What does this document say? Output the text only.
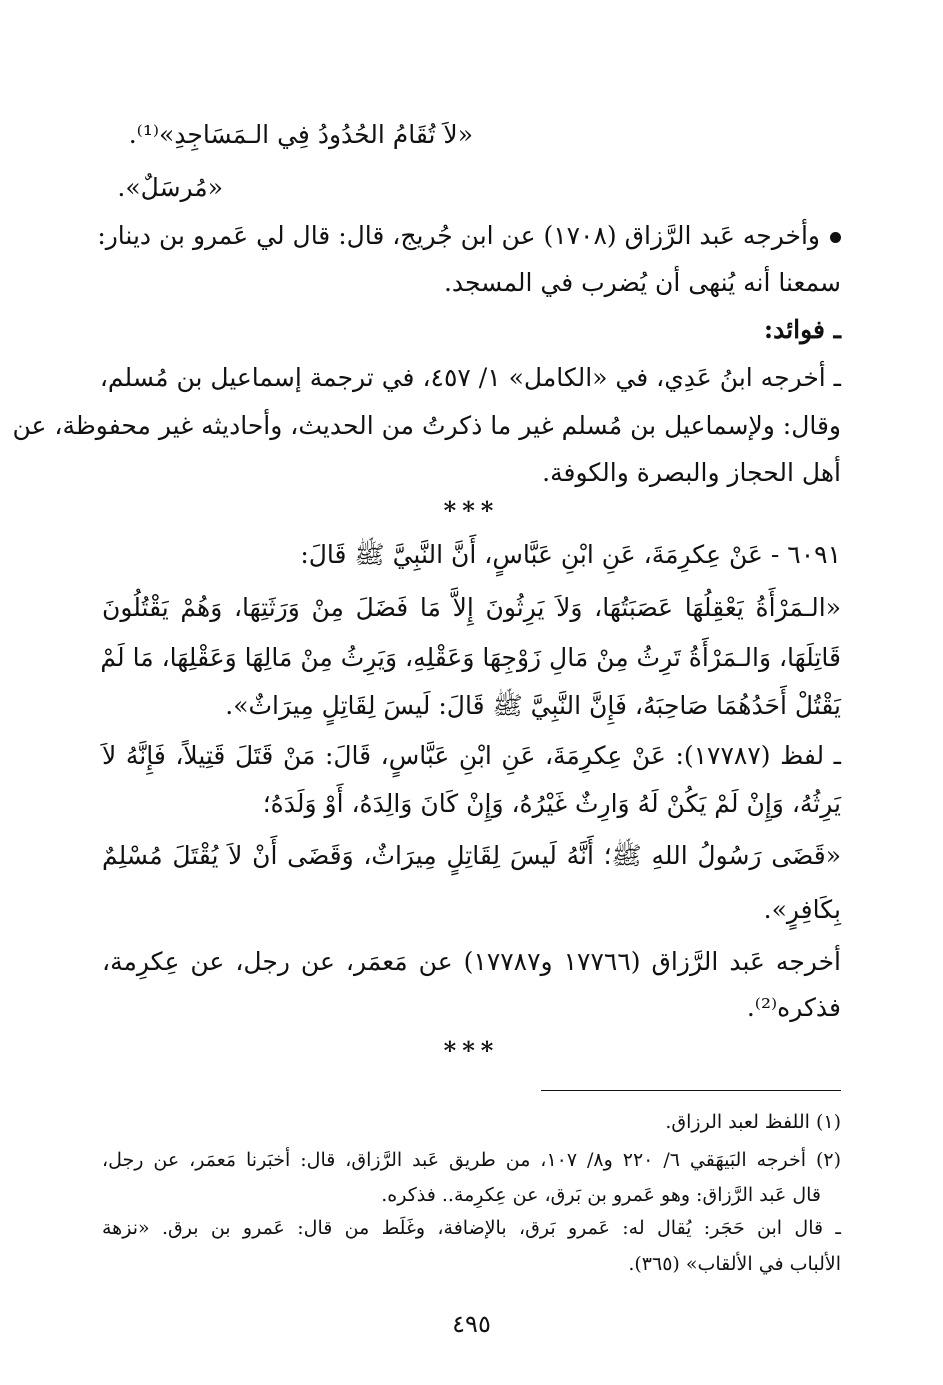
«لاَ تُقَامُ الحُدُودُ فِي الـمَسَاجِدِ»⁽¹⁾.
«مُرسَلٌ».
وأخرجه عَبد الرَّزاق (١٧٠٨) عن ابن جُريج، قال: قال لي عَمرو بن دينار:
سمعنا أنه يُنهى أن يُضرب في المسجد.
ـ فوائد:
ـ أخرجه ابنُ عَدِي، في «الكامل» ١/ ٤٥٧، في ترجمة إسماعيل بن مُسلم،
وقال: ولإسماعيل بن مُسلم غير ما ذكرتُ من الحديث، وأحاديثه غير محفوظة، عن
أهل الحجاز والبصرة والكوفة.
***
٦٠٩١ - عَنْ عِكرِمَةَ، عَنِ ابْنِ عَبَّاسٍ، أَنَّ النَّبِيَّ ﷺ قَالَ:
«الـمَرْأَةُ يَعْقِلُهَا عَصَبَتُهَا، وَلاَ يَرِثُونَ إِلاَّ مَا فَضَلَ مِنْ وَرَثَتِهَا، وَهُمْ يَقْتُلُونَ
قَاتِلَهَا، وَالـمَرْأَةُ تَرِثُ مِنْ مَالِ زَوْجِهَا وَعَقْلِهِ، وَيَرِثُ مِنْ مَالِهَا وَعَقْلِهَا، مَا لَمْ
يَقْتُلْ أَحَدُهُمَا صَاحِبَهُ، فَإِنَّ النَّبِيَّ ﷺ قَالَ: لَيسَ لِقَاتِلٍ مِيرَاثٌ».
ـ لفظ (١٧٧٨٧): عَنْ عِكرِمَةَ، عَنِ ابْنِ عَبَّاسٍ، قَالَ: مَنْ قَتَلَ قَتِيلاً، فَإِنَّهُ لاَ
يَرِثُهُ، وَإِنْ لَمْ يَكُنْ لَهُ وَارِثٌ غَيْرُهُ، وَإِنْ كَانَ وَالِدَهُ، أَوْ وَلَدَهُ؛
«قَضَى رَسُولُ اللهِ ﷺ؛ أَنَّهُ لَيسَ لِقَاتِلٍ مِيرَاثٌ، وَقَضَى أَنْ لاَ يُقْتَلَ مُسْلِمٌ
بِكَافِرٍ».
أخرجه عَبد الرَّزاق (١٧٧٦٦ و١٧٧٨٧) عن مَعمَر، عن رجل، عن عِكرِمة،
فذكره⁽²⁾.
***
(١) اللفظ لعبد الرزاق.
(٢) أخرجه البَيهَقي ٦/ ٢٢٠ و٨/ ١٠٧، من طريق عَبد الرَّزاق، قال: أخبَرنا مَعمَر، عن رجل،
قال عَبد الرَّزاق: وهو عَمرو بن بَرق، عن عِكرِمة.. فذكره.
ـ قال ابن حَجَر: يُقال له: عَمرو بَرق، بالإضافة، وغَلَط من قال: عَمرو بن برق. «نزهة
الألباب في الألقاب» (٣٦٥).
٤٩٥
